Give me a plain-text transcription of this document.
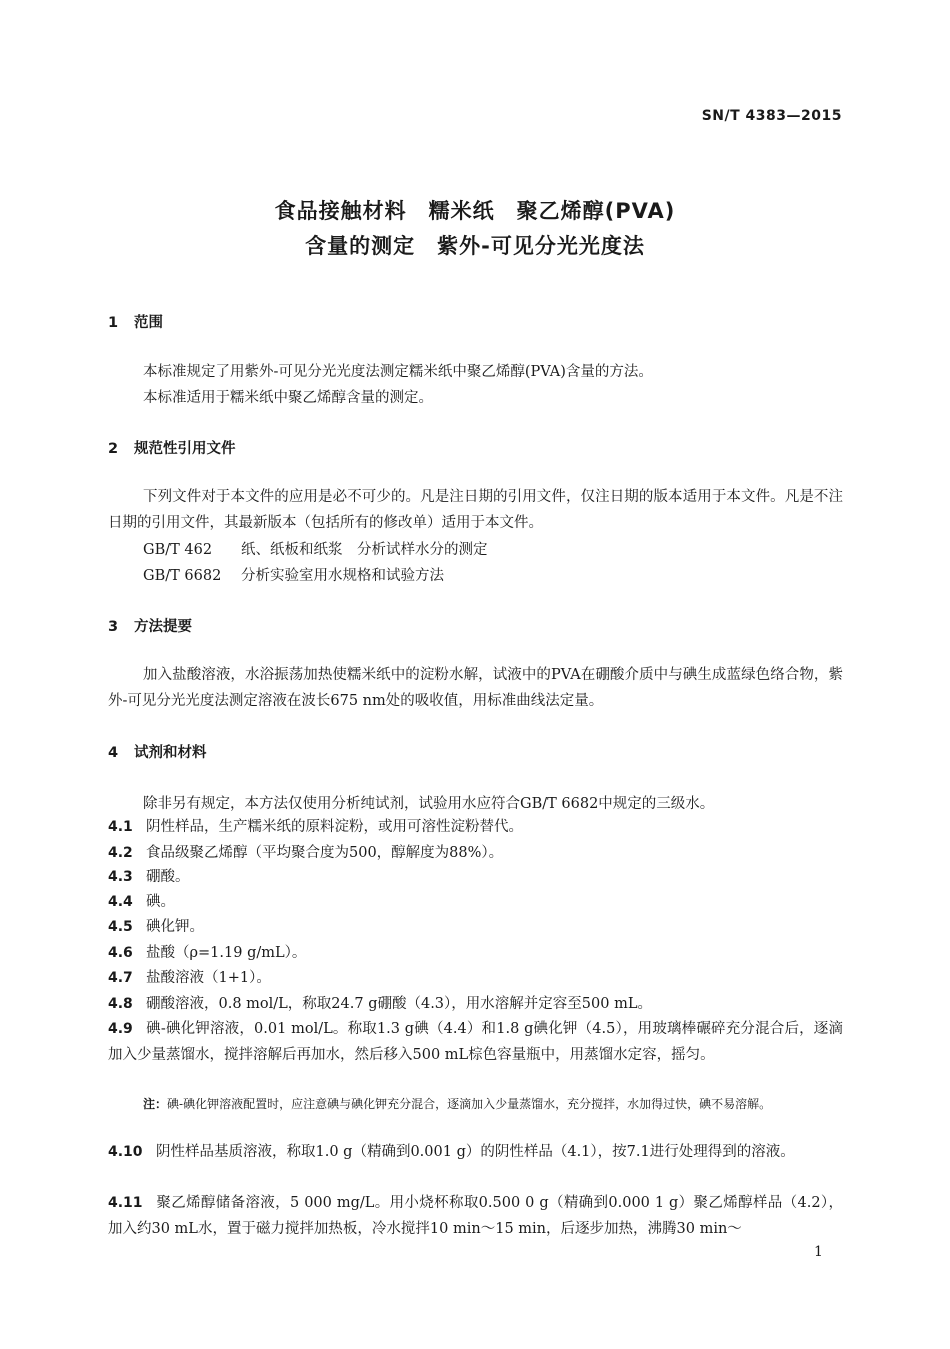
SN/T 4383—2015
食品接触材料　糯米纸　聚乙烯醇(PVA)
含量的测定　紫外-可见分光光度法
1 范围
本标准规定了用紫外-可见分光光度法测定糯米纸中聚乙烯醇(PVA)含量的方法。
本标准适用于糯米纸中聚乙烯醇含量的测定。
2 规范性引用文件
下列文件对于本文件的应用是必不可少的。凡是注日期的引用文件，仅注日期的版本适用于本文件。凡是不注日期的引用文件，其最新版本（包括所有的修改单）适用于本文件。
GB/T 462 纸、纸板和纸浆　分析试样水分的测定
GB/T 6682 分析实验室用水规格和试验方法
3 方法提要
加入盐酸溶液，水浴振荡加热使糯米纸中的淀粉水解，试液中的PVA在硼酸介质中与碘生成蓝绿色络合物，紫外-可见分光光度法测定溶液在波长675 nm处的吸收值，用标准曲线法定量。
4 试剂和材料
除非另有规定，本方法仅使用分析纯试剂，试验用水应符合GB/T 6682中规定的三级水。
4.1 阴性样品，生产糯米纸的原料淀粉，或用可溶性淀粉替代。
4.2 食品级聚乙烯醇（平均聚合度为500，醇解度为88%）。
4.3 硼酸。
4.4 碘。
4.5 碘化钾。
4.6 盐酸（ρ=1.19 g/mL）。
4.7 盐酸溶液（1+1）。
4.8 硼酸溶液，0.8 mol/L，称取24.7 g硼酸（4.3），用水溶解并定容至500 mL。
4.9 碘-碘化钾溶液，0.01 mol/L。称取1.3 g碘（4.4）和1.8 g碘化钾（4.5），用玻璃棒碾碎充分混合后，逐滴加入少量蒸馏水，搅拌溶解后再加水，然后移入500 mL棕色容量瓶中，用蒸馏水定容，摇匀。
注：碘-碘化钾溶液配置时，应注意碘与碘化钾充分混合，逐滴加入少量蒸馏水，充分搅拌，水加得过快，碘不易溶解。
4.10 阴性样品基质溶液，称取1.0 g（精确到0.001 g）的阴性样品（4.1），按7.1进行处理得到的溶液。
4.11 聚乙烯醇储备溶液，5 000 mg/L。用小烧杯称取0.500 0 g（精确到0.000 1 g）聚乙烯醇样品（4.2），加入约30 mL水，置于磁力搅拌加热板，冷水搅拌10 min～15 min，后逐步加热，沸腾30 min～
1
